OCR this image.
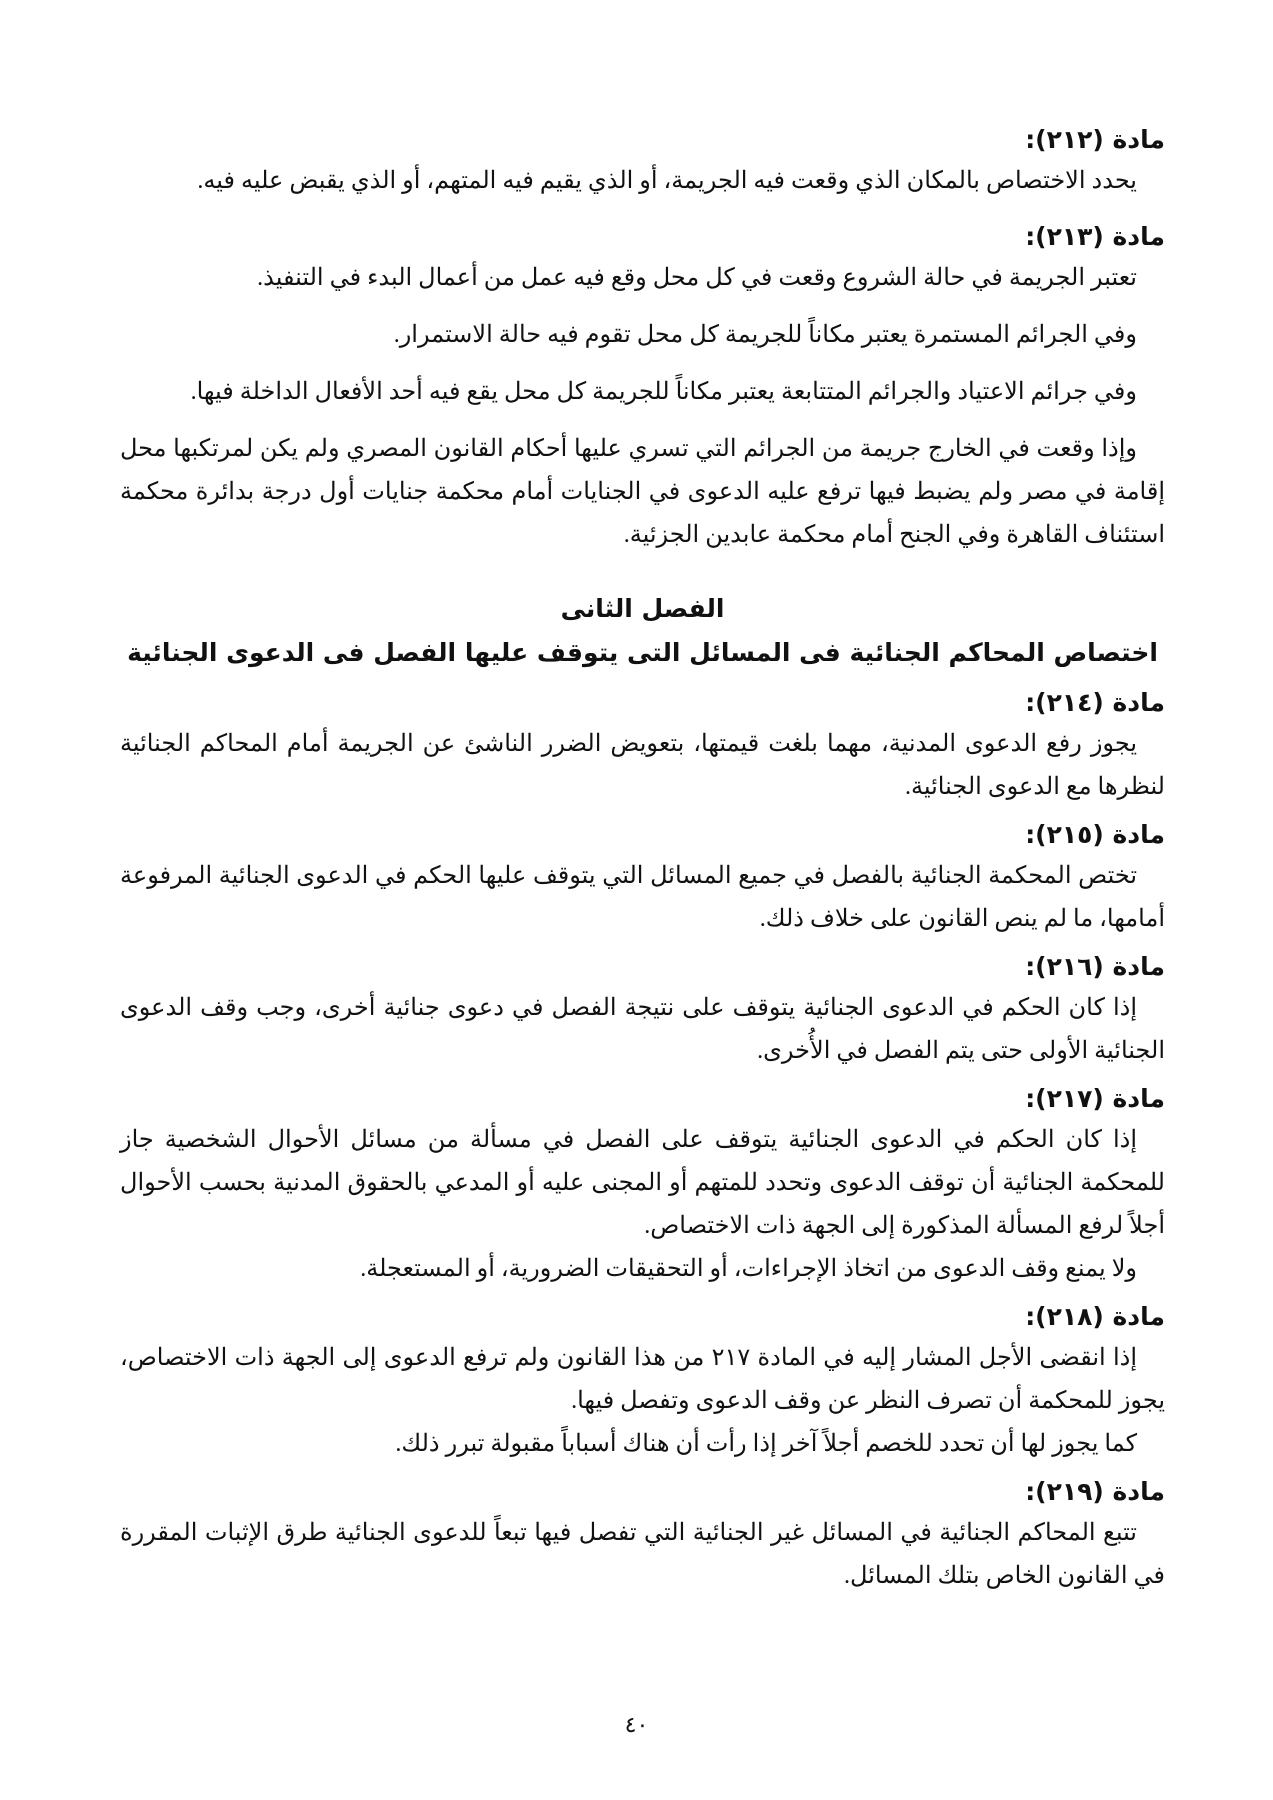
مادة (٢١٢):

يحدد الاختصاص بالمكان الذي وقعت فيه الجريمة، أو الذي يقيم فيه المتهم، أو الذي يقبض عليه فيه.

مادة (٢١٣):

تعتبر الجريمة في حالة الشروع وقعت في كل محل وقع فيه عمل من أعمال البدء في التنفيذ.

وفي الجرائم المستمرة يعتبر مكاناً للجريمة كل محل تقوم فيه حالة الاستمرار.

وفي جرائم الاعتياد والجرائم المتتابعة يعتبر مكاناً للجريمة كل محل يقع فيه أحد الأفعال الداخلة فيها.

وإذا وقعت في الخارج جريمة من الجرائم التي تسري عليها أحكام القانون المصري ولم يكن لمرتكبها محل إقامة في مصر ولم يضبط فيها ترفع عليه الدعوى في الجنايات أمام محكمة جنايات أول درجة بدائرة محكمة استئناف القاهرة وفي الجنح أمام محكمة عابدين الجزئية.

الفصل الثانى
اختصاص المحاكم الجنائية فى المسائل التى يتوقف عليها الفصل فى الدعوى الجنائية

مادة (٢١٤):

يجوز رفع الدعوى المدنية، مهما بلغت قيمتها، بتعويض الضرر الناشئ عن الجريمة أمام المحاكم الجنائية لنظرها مع الدعوى الجنائية.

مادة (٢١٥):

تختص المحكمة الجنائية بالفصل في جميع المسائل التي يتوقف عليها الحكم في الدعوى الجنائية المرفوعة أمامها، ما لم ينص القانون على خلاف ذلك.

مادة (٢١٦):

إذا كان الحكم في الدعوى الجنائية يتوقف على نتيجة الفصل في دعوى جنائية أخرى، وجب وقف الدعوى الجنائية الأولى حتى يتم الفصل في الأُخرى.

مادة (٢١٧):

إذا كان الحكم في الدعوى الجنائية يتوقف على الفصل في مسألة من مسائل الأحوال الشخصية جاز للمحكمة الجنائية أن توقف الدعوى وتحدد للمتهم أو المجنى عليه أو المدعي بالحقوق المدنية بحسب الأحوال أجلاً لرفع المسألة المذكورة إلى الجهة ذات الاختصاص.

ولا يمنع وقف الدعوى من اتخاذ الإجراءات، أو التحقيقات الضرورية، أو المستعجلة.

مادة (٢١٨):

إذا انقضى الأجل المشار إليه في المادة ٢١٧ من هذا القانون ولم ترفع الدعوى إلى الجهة ذات الاختصاص، يجوز للمحكمة أن تصرف النظر عن وقف الدعوى وتفصل فيها.

كما يجوز لها أن تحدد للخصم أجلاً آخر إذا رأت أن هناك أسباباً مقبولة تبرر ذلك.

مادة (٢١٩):

تتبع المحاكم الجنائية في المسائل غير الجنائية التي تفصل فيها تبعاً للدعوى الجنائية طرق الإثبات المقررة في القانون الخاص بتلك المسائل.

٤٠
